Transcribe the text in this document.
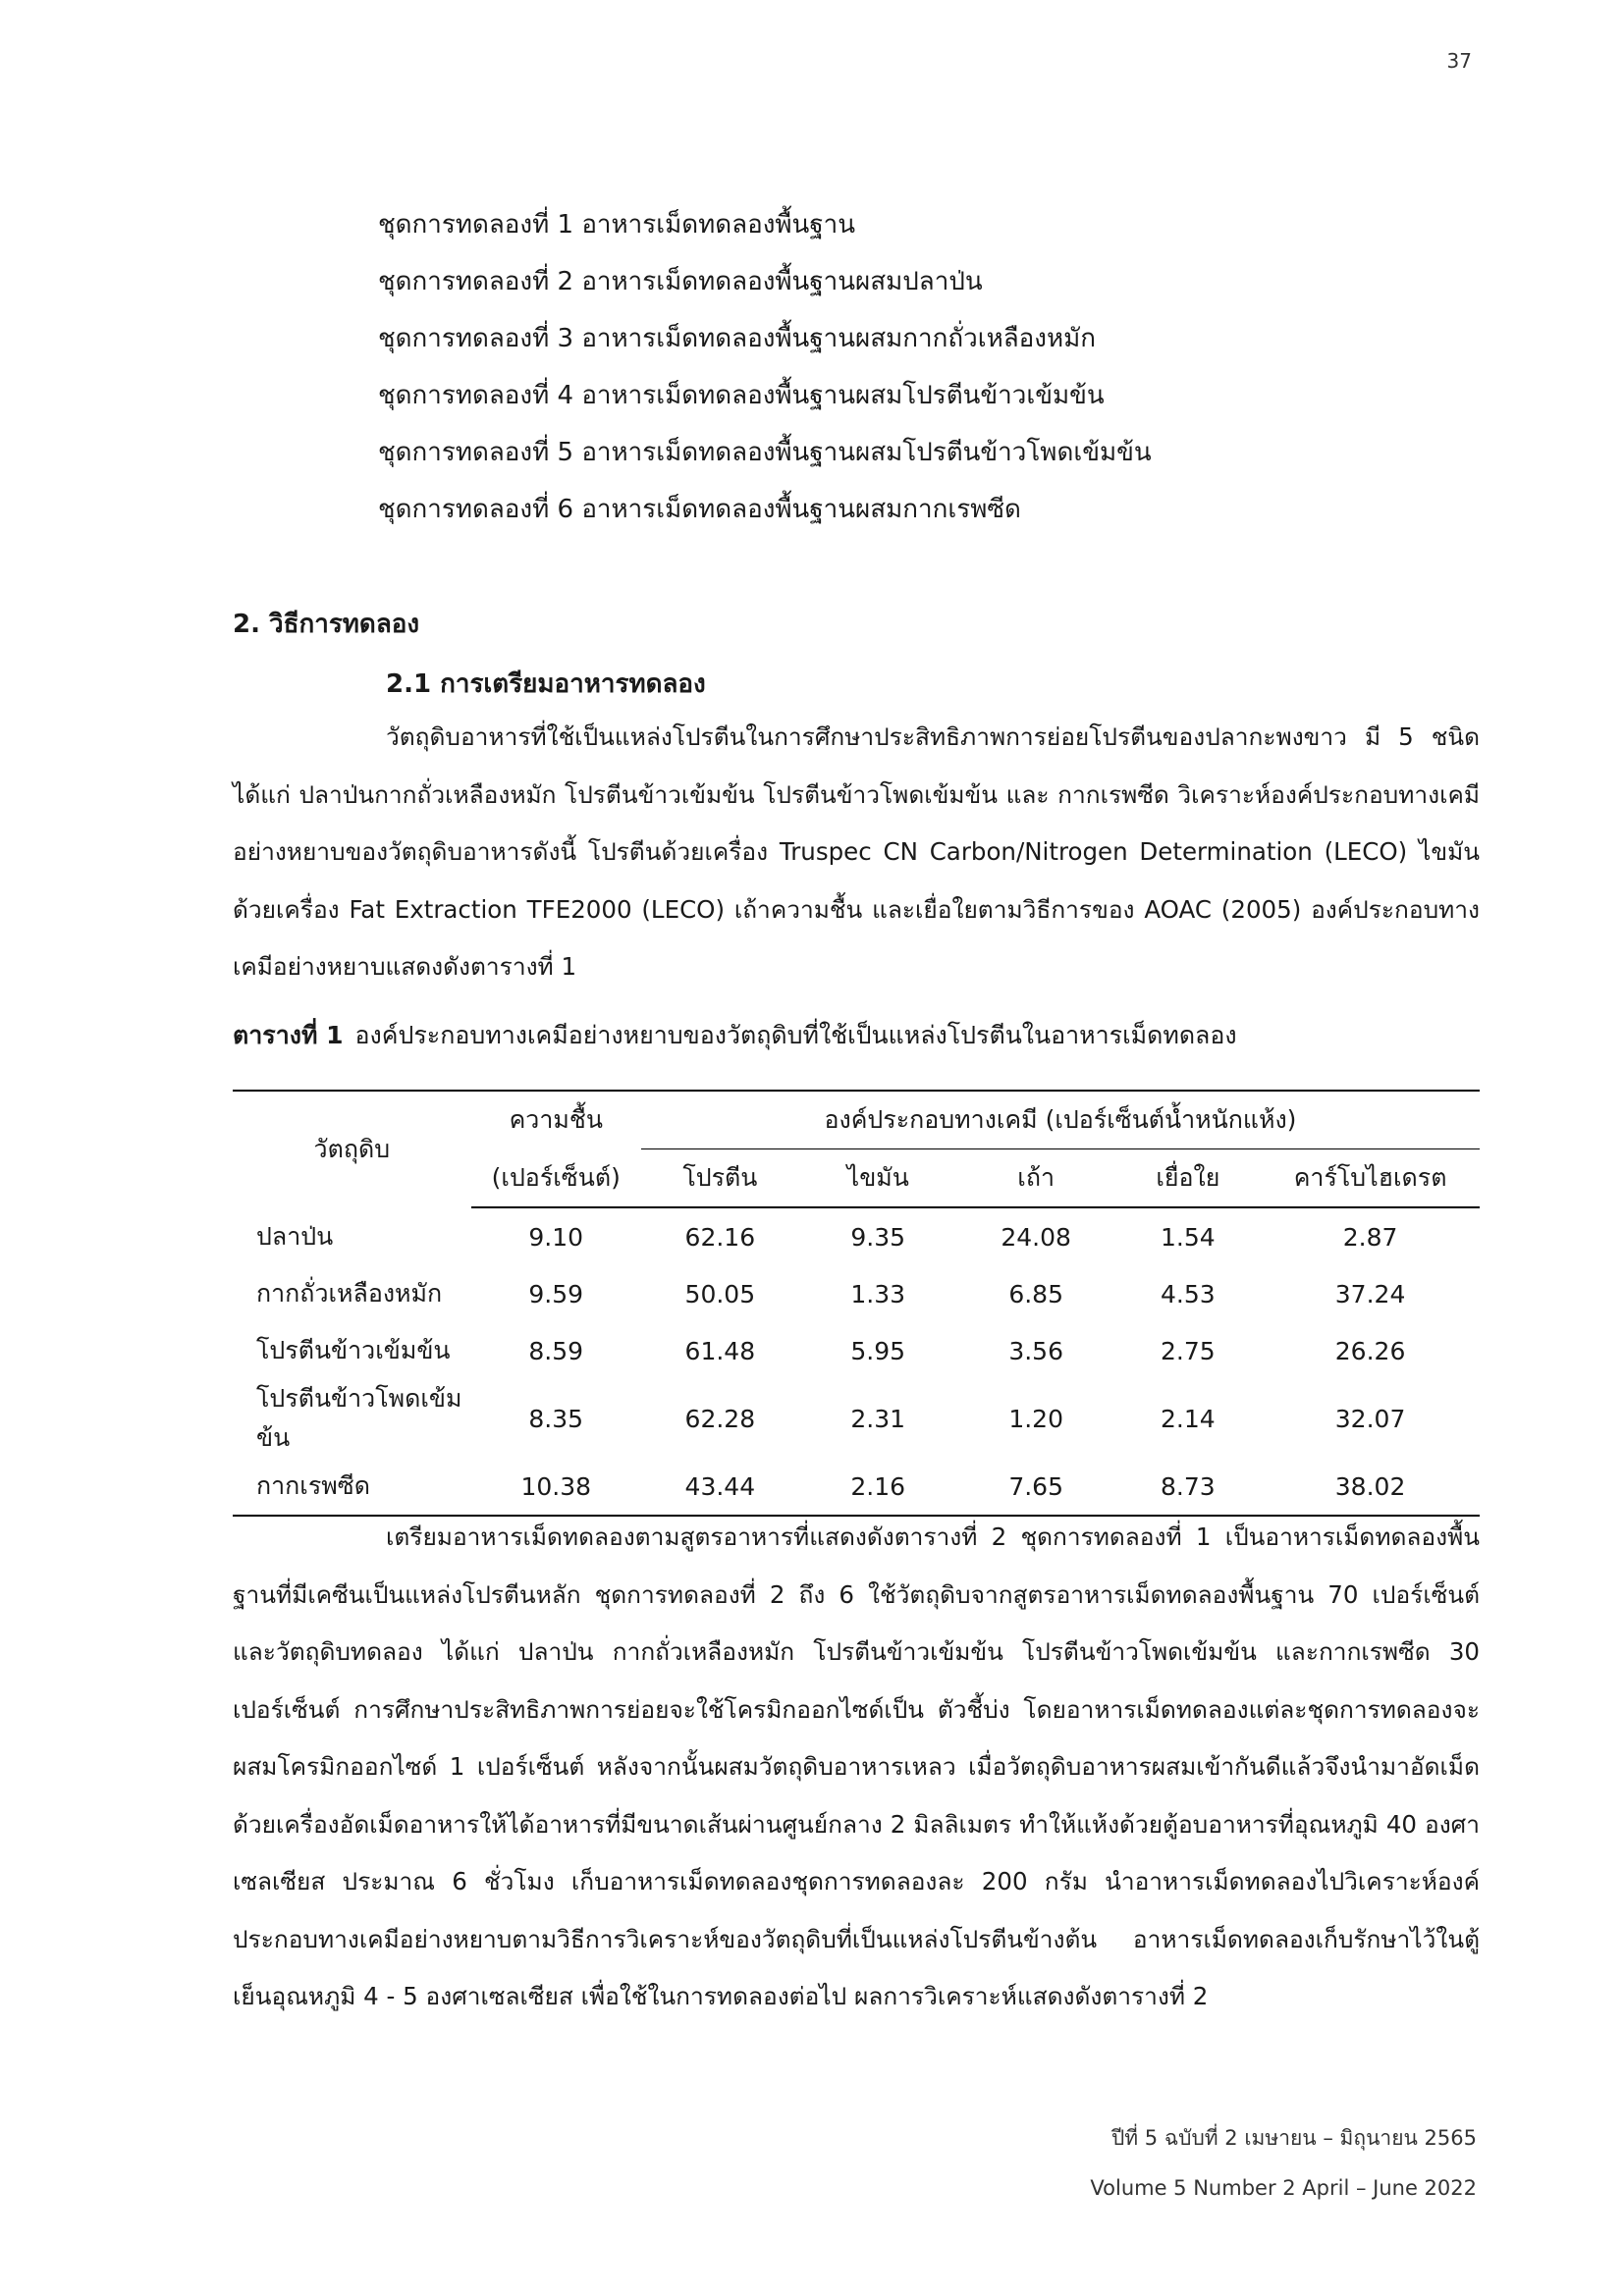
37
ชุดการทดลองที่ 1 อาหารเม็ดทดลองพื้นฐาน
ชุดการทดลองที่ 2 อาหารเม็ดทดลองพื้นฐานผสมปลาป่น
ชุดการทดลองที่ 3 อาหารเม็ดทดลองพื้นฐานผสมกากถั่วเหลืองหมัก
ชุดการทดลองที่ 4 อาหารเม็ดทดลองพื้นฐานผสมโปรตีนข้าวเข้มข้น
ชุดการทดลองที่ 5 อาหารเม็ดทดลองพื้นฐานผสมโปรตีนข้าวโพดเข้มข้น
ชุดการทดลองที่ 6 อาหารเม็ดทดลองพื้นฐานผสมกากเรพซีด
2. วิธีการทดลอง
2.1 การเตรียมอาหารทดลอง

วัตถุดิบอาหารที่ใช้เป็นแหล่งโปรตีนในการศึกษาประสิทธิภาพการย่อยโปรตีนของปลากะพงขาว มี 5 ชนิด ได้แก่ ปลาป่นกากถั่วเหลืองหมัก โปรตีนข้าวเข้มข้น โปรตีนข้าวโพดเข้มข้น และ กากเรพซีด วิเคราะห์องค์ประกอบทางเคมีอย่างหยาบของวัตถุดิบอาหารดังนี้ โปรตีนด้วยเครื่อง Truspec CN Carbon/Nitrogen Determination (LECO) ไขมันด้วยเครื่อง Fat Extraction TFE2000 (LECO) เถ้าความชื้น และเยื่อใยตามวิธีการของ AOAC (2005) องค์ประกอบทางเคมีอย่างหยาบแสดงดังตารางที่ 1

ตารางที่ 1 องค์ประกอบทางเคมีอย่างหยาบของวัตถุดิบที่ใช้เป็นแหล่งโปรตีนในอาหารเม็ดทดลอง

วัตถุดิบ	ความชื้น	องค์ประกอบทางเคมี (เปอร์เซ็นต์น้ำหนักแห้ง)				
	(เปอร์เซ็นต์)	โปรตีน	ไขมัน	เถ้า	เยื่อใย	คาร์โบไฮเดรต
ปลาป่น	9.10	62.16	9.35	24.08	1.54	2.87
กากถั่วเหลืองหมัก	9.59	50.05	1.33	6.85	4.53	37.24
โปรตีนข้าวเข้มข้น	8.59	61.48	5.95	3.56	2.75	26.26
โปรตีนข้าวโพดเข้มข้น	8.35	62.28	2.31	1.20	2.14	32.07
กากเรพซีด	10.38	43.44	2.16	7.65	8.73	38.02

เตรียมอาหารเม็ดทดลองตามสูตรอาหารที่แสดงดังตารางที่ 2 ชุดการทดลองที่ 1 เป็นอาหารเม็ดทดลองพื้นฐานที่มีเคซีนเป็นแหล่งโปรตีนหลัก ชุดการทดลองที่ 2 ถึง 6 ใช้วัตถุดิบจากสูตรอาหารเม็ดทดลองพื้นฐาน 70 เปอร์เซ็นต์ และวัตถุดิบทดลอง ได้แก่ ปลาป่น กากถั่วเหลืองหมัก โปรตีนข้าวเข้มข้น โปรตีนข้าวโพดเข้มข้น และกากเรพซีด 30 เปอร์เซ็นต์ การศึกษาประสิทธิภาพการย่อยจะใช้โครมิกออกไซด์เป็น ตัวชี้บ่ง โดยอาหารเม็ดทดลองแต่ละชุดการทดลองจะผสมโครมิกออกไซด์ 1 เปอร์เซ็นต์ หลังจากนั้นผสมวัตถุดิบอาหารเหลว เมื่อวัตถุดิบอาหารผสมเข้ากันดีแล้วจึงนำมาอัดเม็ดด้วยเครื่องอัดเม็ดอาหารให้ได้อาหารที่มีขนาดเส้นผ่านศูนย์กลาง 2 มิลลิเมตร ทำให้แห้งด้วยตู้อบอาหารที่อุณหภูมิ 40 องศาเซลเซียส ประมาณ 6 ชั่วโมง เก็บอาหารเม็ดทดลองชุดการทดลองละ 200 กรัม นำอาหารเม็ดทดลองไปวิเคราะห์องค์ประกอบทางเคมีอย่างหยาบตามวิธีการวิเคราะห์ของวัตถุดิบที่เป็นแหล่งโปรตีนข้างต้น อาหารเม็ดทดลองเก็บรักษาไว้ในตู้เย็นอุณหภูมิ 4 - 5 องศาเซลเซียส เพื่อใช้ในการทดลองต่อไป ผลการวิเคราะห์แสดงดังตารางที่ 2

ปีที่ 5 ฉบับที่ 2 เมษายน – มิถุนายน 2565
Volume 5 Number 2 April – June 2022
